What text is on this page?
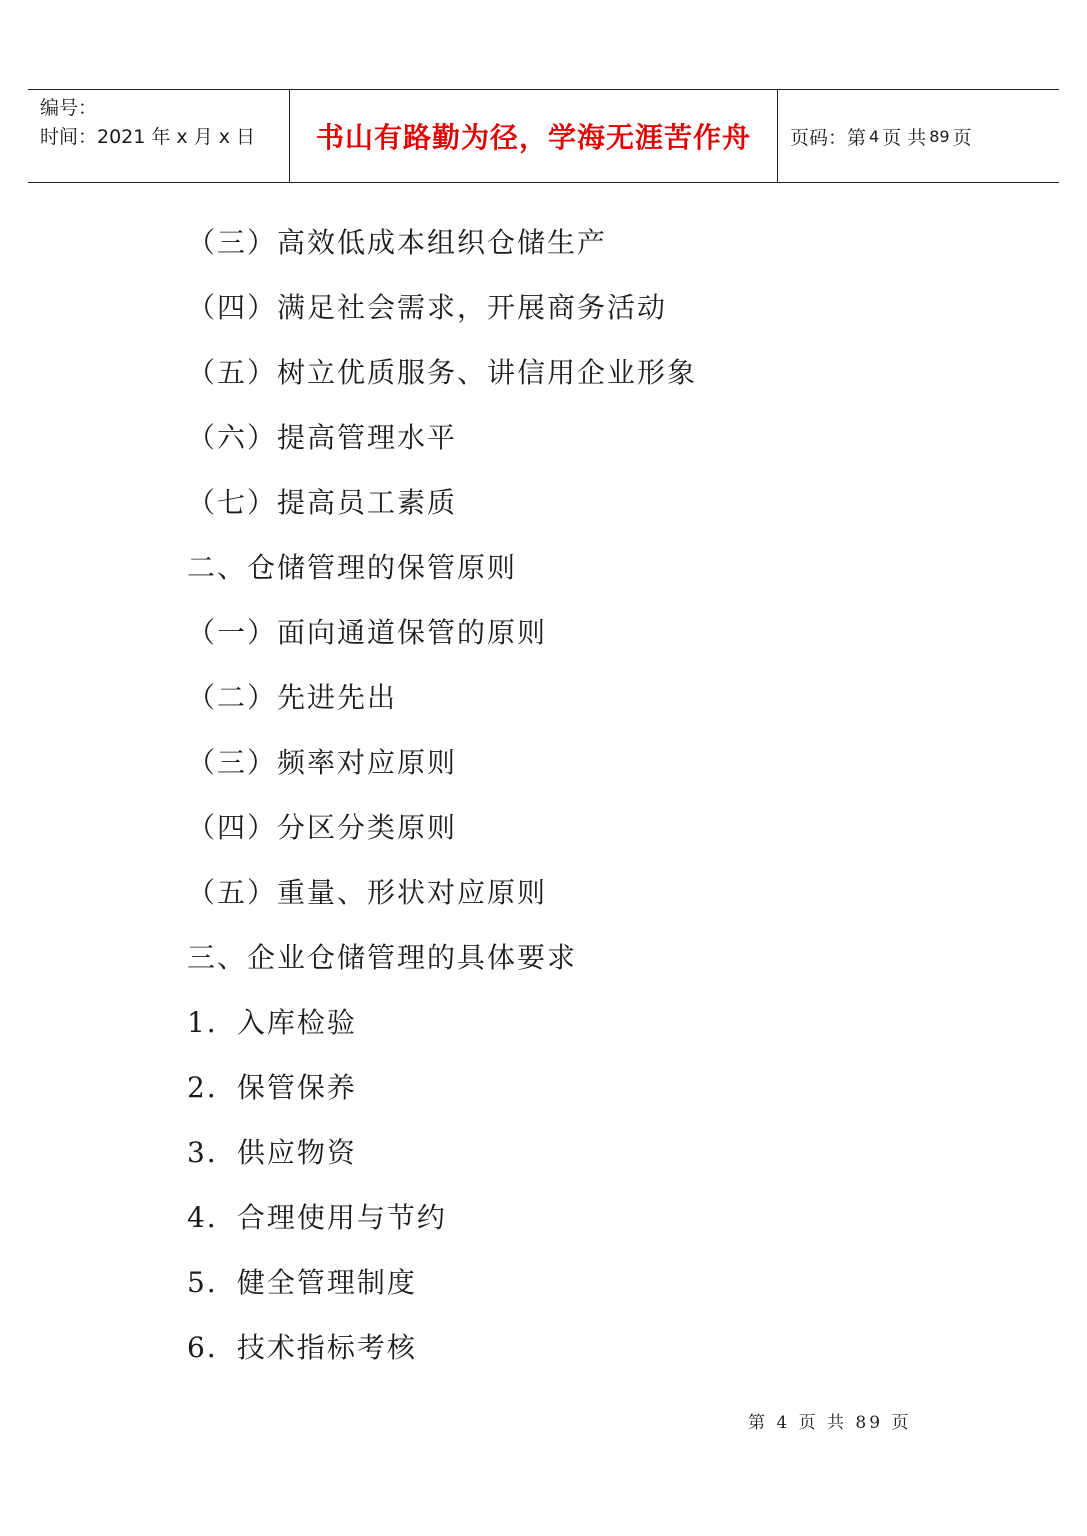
编号：
时间：2021 年 x 月 x 日	书山有路勤为径，学海无涯苦作舟 页码：第 4 页 共 89 页
（三）高效低成本组织仓储生产
（四）满足社会需求，开展商务活动
（五）树立优质服务、讲信用企业形象
（六）提高管理水平
（七）提高员工素质
二、仓储管理的保管原则
（一）面向通道保管的原则
（二）先进先出
（三）频率对应原则
（四）分区分类原则
（五）重量、形状对应原则
三、企业仓储管理的具体要求
1．入库检验
2．保管保养
3．供应物资
4．合理使用与节约
5．健全管理制度
6．技术指标考核
第 4 页 共 89 页
